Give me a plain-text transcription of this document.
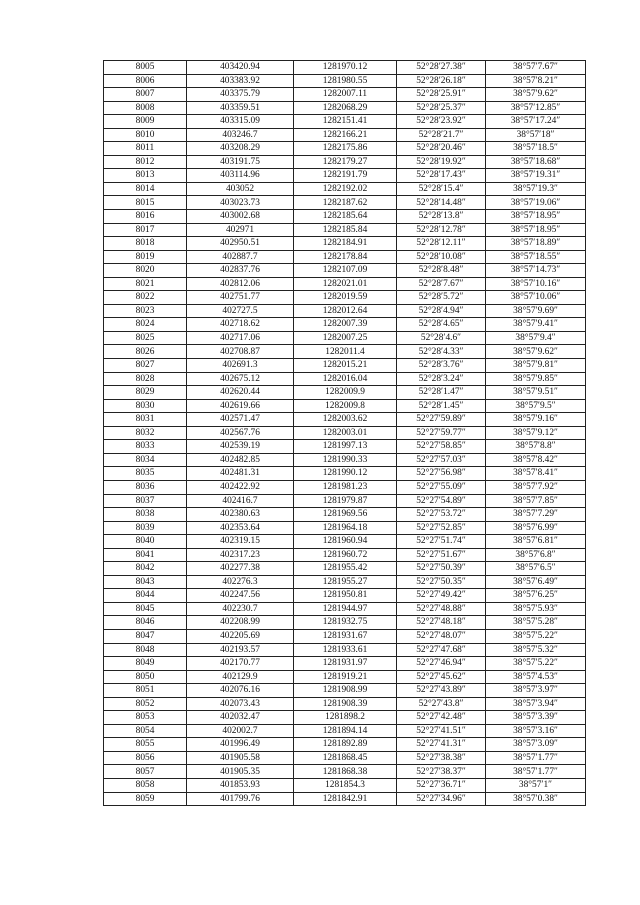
8005	403420.94	1281970.12	52°28′27.38″	38°57′7.67″
8006	403383.92	1281980.55	52°28′26.18″	38°57′8.21″
8007	403375.79	1282007.11	52°28′25.91″	38°57′9.62″
8008	403359.51	1282068.29	52°28′25.37″	38°57′12.85″
8009	403315.09	1282151.41	52°28′23.92″	38°57′17.24″
8010	403246.7	1282166.21	52°28′21.7″	38°57′18″
8011	403208.29	1282175.86	52°28′20.46″	38°57′18.5″
8012	403191.75	1282179.27	52°28′19.92″	38°57′18.68″
8013	403114.96	1282191.79	52°28′17.43″	38°57′19.31″
8014	403052	1282192.02	52°28′15.4″	38°57′19.3″
8015	403023.73	1282187.62	52°28′14.48″	38°57′19.06″
8016	403002.68	1282185.64	52°28′13.8″	38°57′18.95″
8017	402971	1282185.84	52°28′12.78″	38°57′18.95″
8018	402950.51	1282184.91	52°28′12.11″	38°57′18.89″
8019	402887.7	1282178.84	52°28′10.08″	38°57′18.55″
8020	402837.76	1282107.09	52°28′8.48″	38°57′14.73″
8021	402812.06	1282021.01	52°28′7.67″	38°57′10.16″
8022	402751.77	1282019.59	52°28′5.72″	38°57′10.06″
8023	402727.5	1282012.64	52°28′4.94″	38°57′9.69″
8024	402718.62	1282007.39	52°28′4.65″	38°57′9.41″
8025	402717.06	1282007.25	52°28′4.6″	38°57′9.4″
8026	402708.87	1282011.4	52°28′4.33″	38°57′9.62″
8027	402691.3	1282015.21	52°28′3.76″	38°57′9.81″
8028	402675.12	1282016.04	52°28′3.24″	38°57′9.85″
8029	402620.44	1282009.9	52°28′1.47″	38°57′9.51″
8030	402619.66	1282009.8	52°28′1.45″	38°57′9.5″
8031	402571.47	1282003.62	52°27′59.89″	38°57′9.16″
8032	402567.76	1282003.01	52°27′59.77″	38°57′9.12″
8033	402539.19	1281997.13	52°27′58.85″	38°57′8.8″
8034	402482.85	1281990.33	52°27′57.03″	38°57′8.42″
8035	402481.31	1281990.12	52°27′56.98″	38°57′8.41″
8036	402422.92	1281981.23	52°27′55.09″	38°57′7.92″
8037	402416.7	1281979.87	52°27′54.89″	38°57′7.85″
8038	402380.63	1281969.56	52°27′53.72″	38°57′7.29″
8039	402353.64	1281964.18	52°27′52.85″	38°57′6.99″
8040	402319.15	1281960.94	52°27′51.74″	38°57′6.81″
8041	402317.23	1281960.72	52°27′51.67″	38°57′6.8″
8042	402277.38	1281955.42	52°27′50.39″	38°57′6.5″
8043	402276.3	1281955.27	52°27′50.35″	38°57′6.49″
8044	402247.56	1281950.81	52°27′49.42″	38°57′6.25″
8045	402230.7	1281944.97	52°27′48.88″	38°57′5.93″
8046	402208.99	1281932.75	52°27′48.18″	38°57′5.28″
8047	402205.69	1281931.67	52°27′48.07″	38°57′5.22″
8048	402193.57	1281933.61	52°27′47.68″	38°57′5.32″
8049	402170.77	1281931.97	52°27′46.94″	38°57′5.22″
8050	402129.9	1281919.21	52°27′45.62″	38°57′4.53″
8051	402076.16	1281908.99	52°27′43.89″	38°57′3.97″
8052	402073.43	1281908.39	52°27′43.8″	38°57′3.94″
8053	402032.47	1281898.2	52°27′42.48″	38°57′3.39″
8054	402002.7	1281894.14	52°27′41.51″	38°57′3.16″
8055	401996.49	1281892.89	52°27′41.31″	38°57′3.09″
8056	401905.58	1281868.45	52°27′38.38″	38°57′1.77″
8057	401905.35	1281868.38	52°27′38.37″	38°57′1.77″
8058	401853.93	1281854.3	52°27′36.71″	38°57′1″
8059	401799.76	1281842.91	52°27′34.96″	38°57′0.38″
